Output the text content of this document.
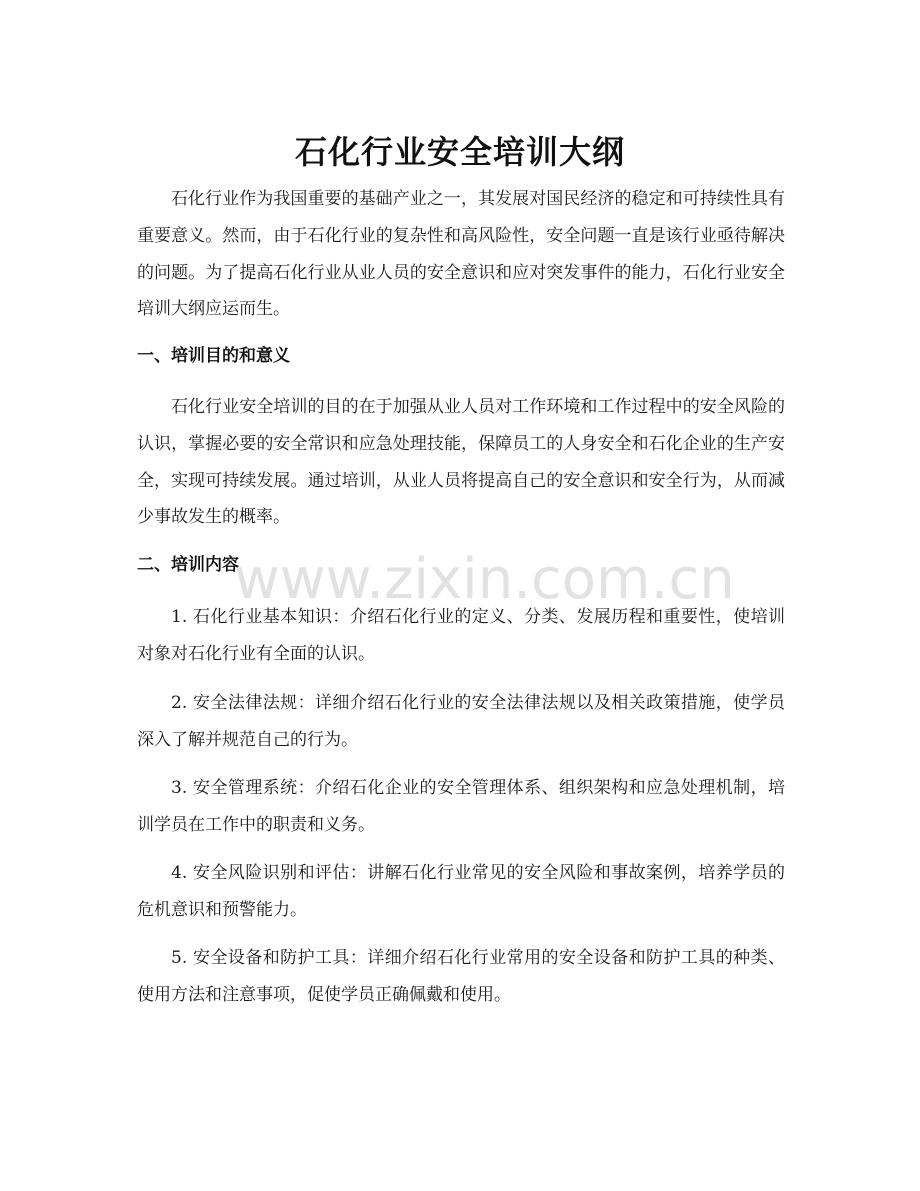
石化行业安全培训大纲

石化行业作为我国重要的基础产业之一，其发展对国民经济的稳定和可持续性具有重要意义。然而，由于石化行业的复杂性和高风险性，安全问题一直是该行业亟待解决的问题。为了提高石化行业从业人员的安全意识和应对突发事件的能力，石化行业安全培训大纲应运而生。

一、培训目的和意义

石化行业安全培训的目的在于加强从业人员对工作环境和工作过程中的安全风险的认识，掌握必要的安全常识和应急处理技能，保障员工的人身安全和石化企业的生产安全，实现可持续发展。通过培训，从业人员将提高自己的安全意识和安全行为，从而减少事故发生的概率。

二、培训内容

1. 石化行业基本知识：介绍石化行业的定义、分类、发展历程和重要性，使培训对象对石化行业有全面的认识。

2. 安全法律法规：详细介绍石化行业的安全法律法规以及相关政策措施，使学员深入了解并规范自己的行为。

3. 安全管理系统：介绍石化企业的安全管理体系、组织架构和应急处理机制，培训学员在工作中的职责和义务。

4. 安全风险识别和评估：讲解石化行业常见的安全风险和事故案例，培养学员的危机意识和预警能力。

5. 安全设备和防护工具：详细介绍石化行业常用的安全设备和防护工具的种类、使用方法和注意事项，促使学员正确佩戴和使用。

www.zixin.com.cn
